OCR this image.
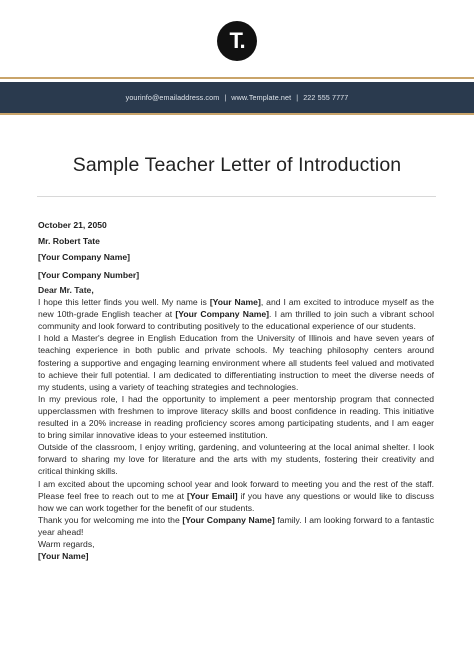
T.
yourinfo@emailaddress.com | www.Template.net | 222 555 7777
Sample Teacher Letter of Introduction
October 21, 2050
Mr. Robert Tate
[Your Company Name]
[Your Company Number]

Dear Mr. Tate,

I hope this letter finds you well. My name is [Your Name], and I am excited to introduce myself as the new 10th-grade English teacher at [Your Company Name]. I am thrilled to join such a vibrant school community and look forward to contributing positively to the educational experience of our students.

I hold a Master's degree in English Education from the University of Illinois and have seven years of teaching experience in both public and private schools. My teaching philosophy centers around fostering a supportive and engaging learning environment where all students feel valued and motivated to achieve their full potential. I am dedicated to differentiating instruction to meet the diverse needs of my students, using a variety of teaching strategies and technologies.

In my previous role, I had the opportunity to implement a peer mentorship program that connected upperclassmen with freshmen to improve literacy skills and boost confidence in reading. This initiative resulted in a 20% increase in reading proficiency scores among participating students, and I am eager to bring similar innovative ideas to your esteemed institution.

Outside of the classroom, I enjoy writing, gardening, and volunteering at the local animal shelter. I look forward to sharing my love for literature and the arts with my students, fostering their creativity and critical thinking skills.

I am excited about the upcoming school year and look forward to meeting you and the rest of the staff. Please feel free to reach out to me at [Your Email] if you have any questions or would like to discuss how we can work together for the benefit of our students.

Thank you for welcoming me into the [Your Company Name] family. I am looking forward to a fantastic year ahead!

Warm regards,

[Your Name]
